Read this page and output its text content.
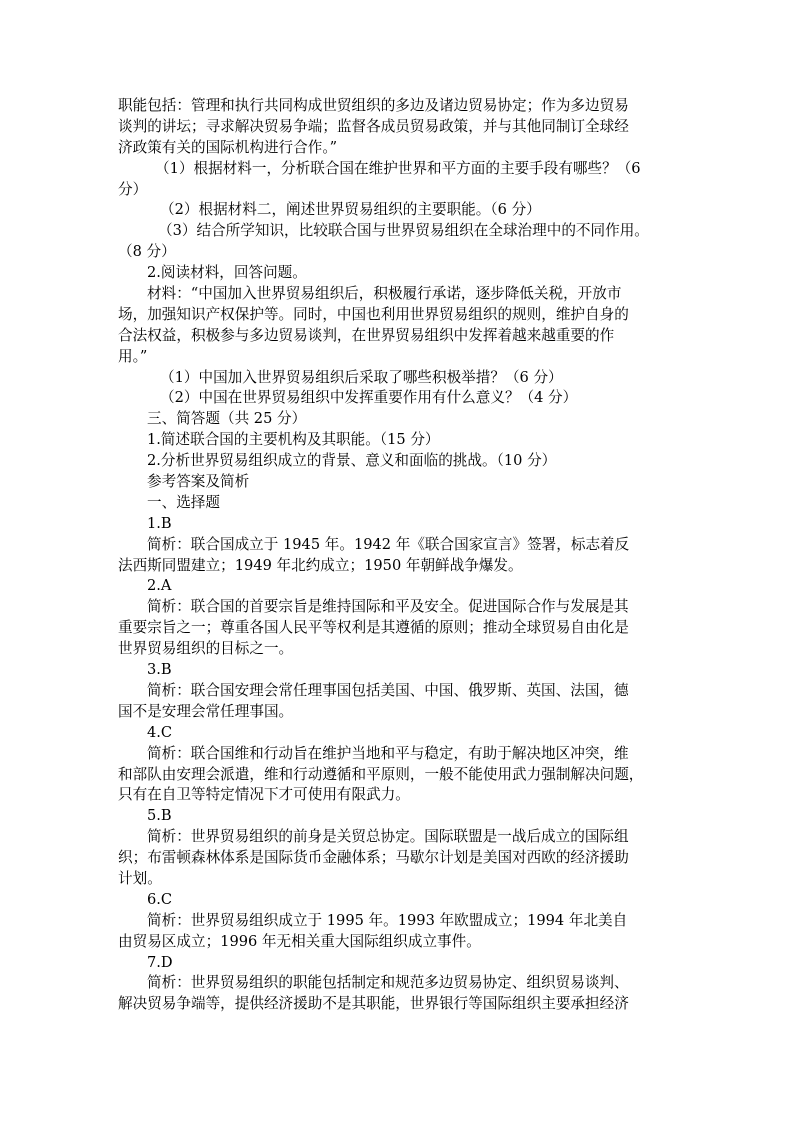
职能包括：管理和执行共同构成世贸组织的多边及诸边贸易协定；作为多边贸易
谈判的讲坛；寻求解决贸易争端；监督各成员贸易政策，并与其他同制订全球经
济政策有关的国际机构进行合作。”
（1）根据材料一，分析联合国在维护世界和平方面的主要手段有哪些？（6
分）
（2）根据材料二，阐述世界贸易组织的主要职能。（6 分）
（3）结合所学知识，比较联合国与世界贸易组织在全球治理中的不同作用。
（8 分）
2.阅读材料，回答问题。
材料：“中国加入世界贸易组织后，积极履行承诺，逐步降低关税，开放市
场，加强知识产权保护等。同时，中国也利用世界贸易组织的规则，维护自身的
合法权益，积极参与多边贸易谈判，在世界贸易组织中发挥着越来越重要的作
用。”
（1）中国加入世界贸易组织后采取了哪些积极举措？（6 分）
（2）中国在世界贸易组织中发挥重要作用有什么意义？（4 分）
三、简答题（共 25 分）
1.简述联合国的主要机构及其职能。（15 分）
2.分析世界贸易组织成立的背景、意义和面临的挑战。（10 分）
参考答案及简析
一、选择题
1.B
简析：联合国成立于 1945 年。1942 年《联合国家宣言》签署，标志着反
法西斯同盟建立；1949 年北约成立；1950 年朝鲜战争爆发。
2.A
简析：联合国的首要宗旨是维持国际和平及安全。促进国际合作与发展是其
重要宗旨之一；尊重各国人民平等权利是其遵循的原则；推动全球贸易自由化是
世界贸易组织的目标之一。
3.B
简析：联合国安理会常任理事国包括美国、中国、俄罗斯、英国、法国，德
国不是安理会常任理事国。
4.C
简析：联合国维和行动旨在维护当地和平与稳定，有助于解决地区冲突，维
和部队由安理会派遣，维和行动遵循和平原则，一般不能使用武力强制解决问题，
只有在自卫等特定情况下才可使用有限武力。
5.B
简析：世界贸易组织的前身是关贸总协定。国际联盟是一战后成立的国际组
织；布雷顿森林体系是国际货币金融体系；马歇尔计划是美国对西欧的经济援助
计划。
6.C
简析：世界贸易组织成立于 1995 年。1993 年欧盟成立；1994 年北美自
由贸易区成立；1996 年无相关重大国际组织成立事件。
7.D
简析：世界贸易组织的职能包括制定和规范多边贸易协定、组织贸易谈判、
解决贸易争端等，提供经济援助不是其职能，世界银行等国际组织主要承担经济
